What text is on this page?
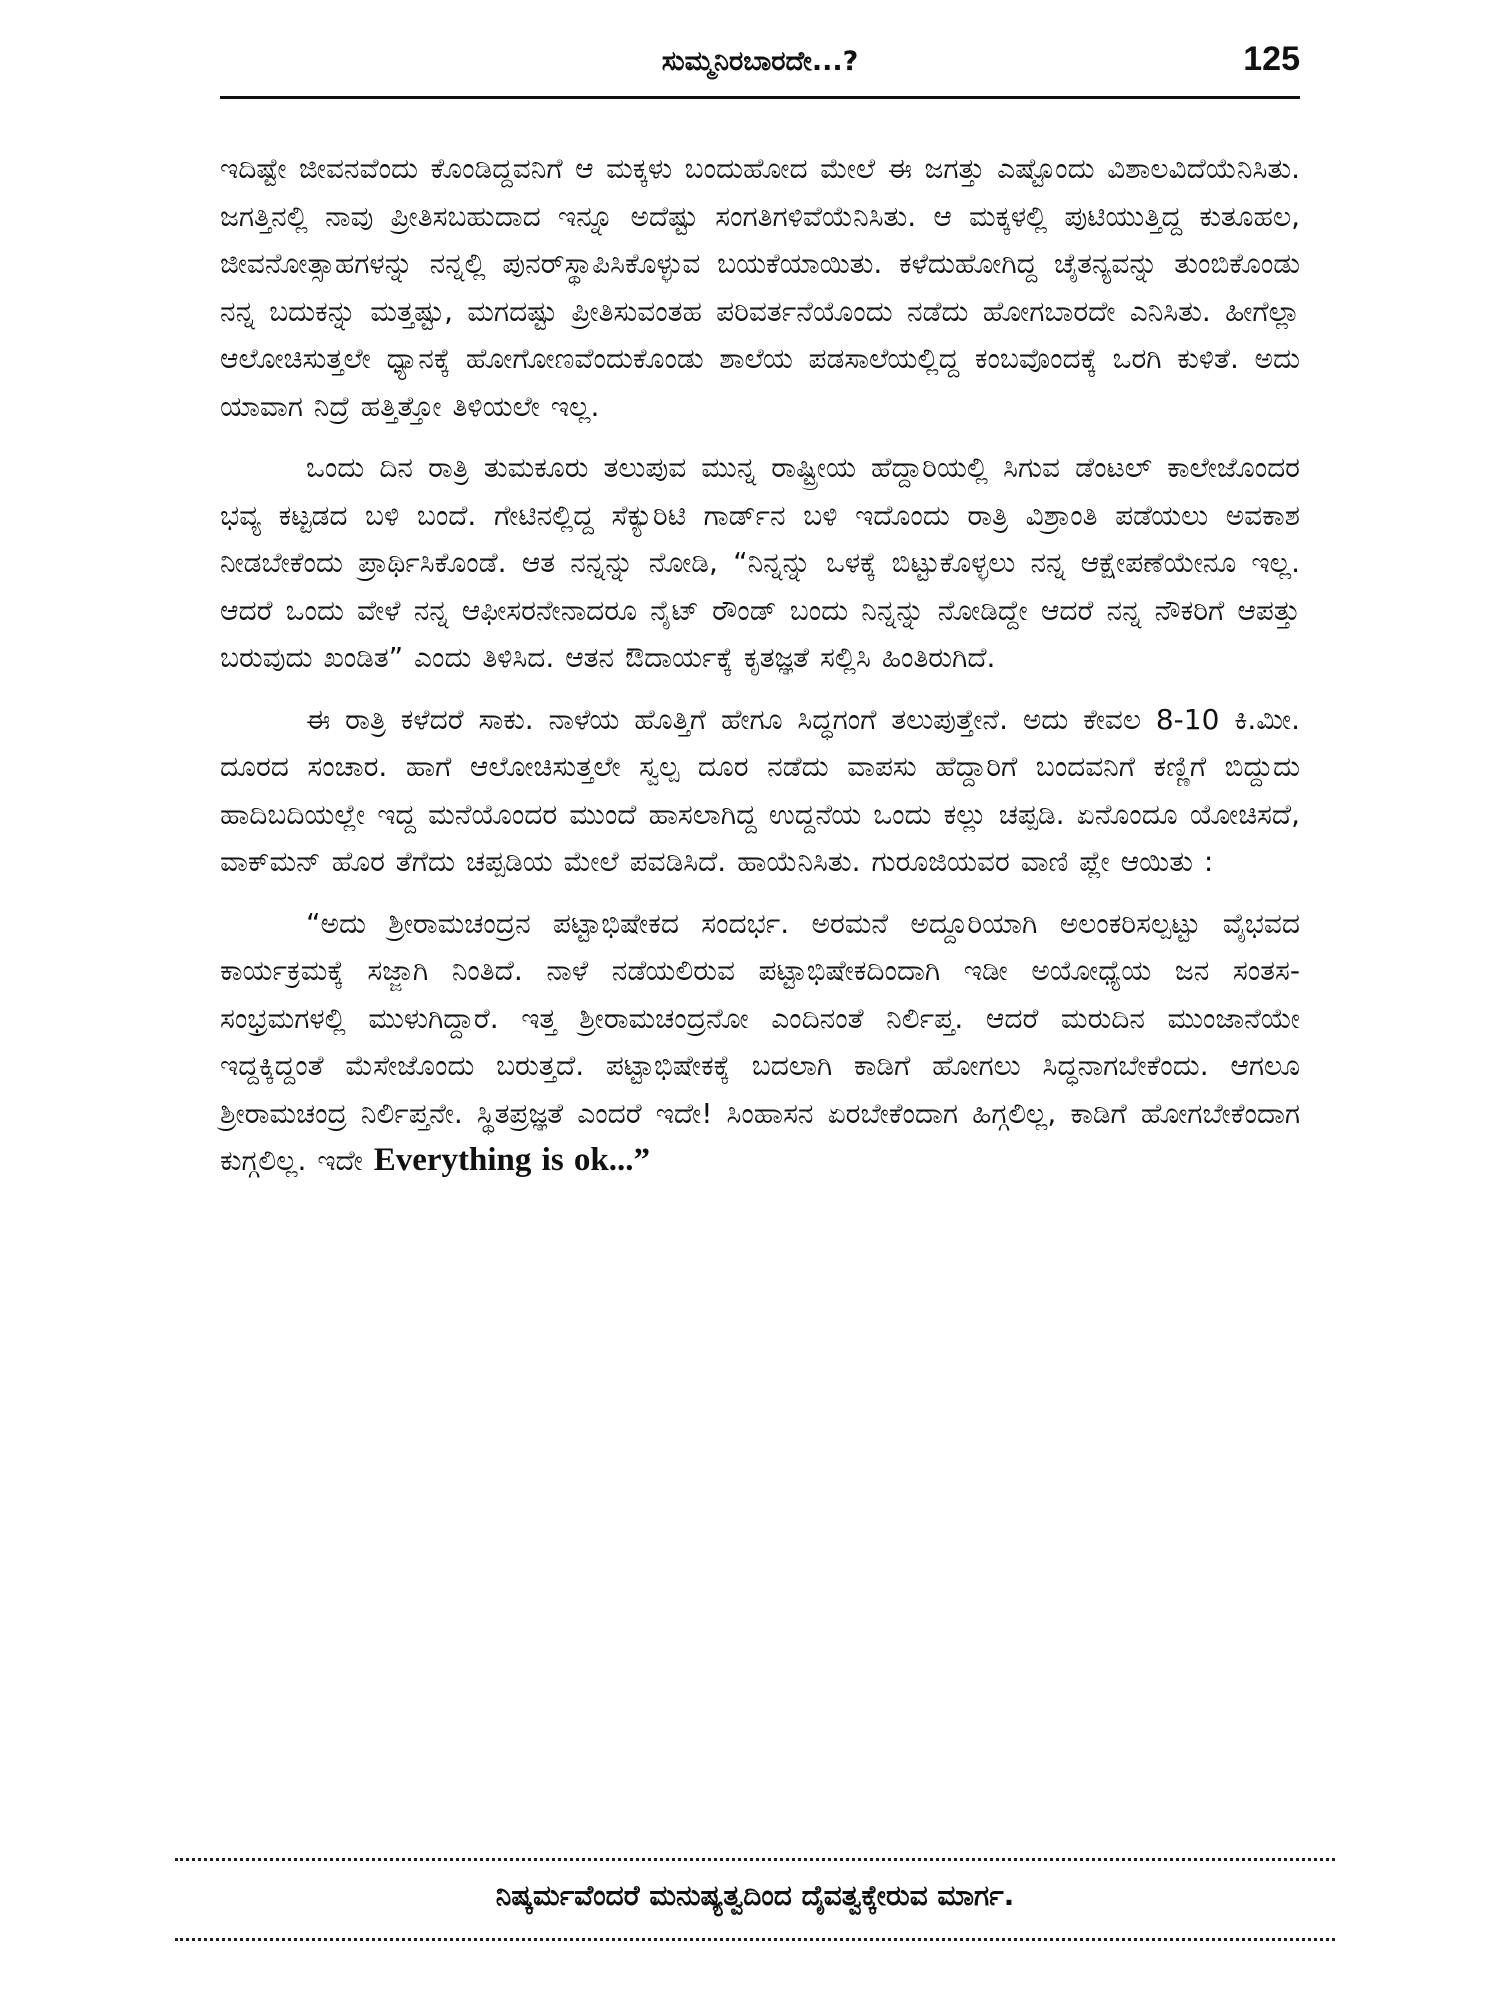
ಸುಮ್ಮನಿರಬಾರದೇ...?	125

ಇದಿಷ್ಟೇ ಜೀವನವೆಂದು ಕೊಂಡಿದ್ದವನಿಗೆ ಆ ಮಕ್ಕಳು ಬಂದುಹೋದ ಮೇಲೆ ಈ ಜಗತ್ತು ಎಷ್ಟೊಂದು ವಿಶಾಲವಿದೆಯೆನಿಸಿತು. ಜಗತ್ತಿನಲ್ಲಿ ನಾವು ಪ್ರೀತಿಸಬಹುದಾದ ಇನ್ನೂ ಅದೆಷ್ಟು ಸಂಗತಿಗಳಿವೆಯೆನಿಸಿತು. ಆ ಮಕ್ಕಳಲ್ಲಿ ಪುಟಿಯುತ್ತಿದ್ದ ಕುತೂಹಲ, ಜೀವನೋತ್ಸಾಹಗಳನ್ನು ನನ್ನಲ್ಲಿ ಪುನರ್‌ಸ್ಥಾಪಿಸಿಕೊಳ್ಳುವ ಬಯಕೆಯಾಯಿತು. ಕಳೆದುಹೋಗಿದ್ದ ಚೈತನ್ಯವನ್ನು ತುಂಬಿಕೊಂಡು ನನ್ನ ಬದುಕನ್ನು ಮತ್ತಷ್ಟು, ಮಗದಷ್ಟು ಪ್ರೀತಿಸುವಂತಹ ಪರಿವರ್ತನೆಯೊಂದು ನಡೆದು ಹೋಗಬಾರದೇ ಎನಿಸಿತು. ಹೀಗೆಲ್ಲಾ ಆಲೋಚಿಸುತ್ತಲೇ ಧ್ಯಾನಕ್ಕೆ ಹೋಗೋಣವೆಂದುಕೊಂಡು ಶಾಲೆಯ ಪಡಸಾಲೆಯಲ್ಲಿದ್ದ ಕಂಬವೊಂದಕ್ಕೆ ಒರಗಿ ಕುಳಿತೆ. ಅದು ಯಾವಾಗ ನಿದ್ರೆ ಹತ್ತಿತ್ತೋ ತಿಳಿಯಲೇ ಇಲ್ಲ.

ಒಂದು ದಿನ ರಾತ್ರಿ ತುಮಕೂರು ತಲುಪುವ ಮುನ್ನ ರಾಷ್ಟ್ರೀಯ ಹೆದ್ದಾರಿಯಲ್ಲಿ ಸಿಗುವ ಡೆಂಟಲ್ ಕಾಲೇಜೊಂದರ ಭವ್ಯ ಕಟ್ಟಡದ ಬಳಿ ಬಂದೆ. ಗೇಟಿನಲ್ಲಿದ್ದ ಸೆಕ್ಯುರಿಟಿ ಗಾರ್ಡ್‌ನ ಬಳಿ ಇದೊಂದು ರಾತ್ರಿ ವಿಶ್ರಾಂತಿ ಪಡೆಯಲು ಅವಕಾಶ ನೀಡಬೇಕೆಂದು ಪ್ರಾರ್ಥಿಸಿಕೊಂಡೆ. ಆತ ನನ್ನನ್ನು ನೋಡಿ, “ನಿನ್ನನ್ನು ಒಳಕ್ಕೆ ಬಿಟ್ಟುಕೊಳ್ಳಲು ನನ್ನ ಆಕ್ಷೇಪಣೆಯೇನೂ ಇಲ್ಲ. ಆದರೆ ಒಂದು ವೇಳೆ ನನ್ನ ಆಫೀಸರನೇನಾದರೂ ನೈಟ್ ರೌಂಡ್ ಬಂದು ನಿನ್ನನ್ನು ನೋಡಿದ್ದೇ ಆದರೆ ನನ್ನ ನೌಕರಿಗೆ ಆಪತ್ತು ಬರುವುದು ಖಂಡಿತ” ಎಂದು ತಿಳಿಸಿದ. ಆತನ ಔದಾರ್ಯಕ್ಕೆ ಕೃತಜ್ಞತೆ ಸಲ್ಲಿಸಿ ಹಿಂತಿರುಗಿದೆ.

ಈ ರಾತ್ರಿ ಕಳೆದರೆ ಸಾಕು. ನಾಳೆಯ ಹೊತ್ತಿಗೆ ಹೇಗೂ ಸಿದ್ಧಗಂಗೆ ತಲುಪುತ್ತೇನೆ. ಅದು ಕೇವಲ 8-10 ಕಿ.ಮೀ. ದೂರದ ಸಂಚಾರ. ಹಾಗೆ ಆಲೋಚಿಸುತ್ತಲೇ ಸ್ವಲ್ಪ ದೂರ ನಡೆದು ವಾಪಸು ಹೆದ್ದಾರಿಗೆ ಬಂದವನಿಗೆ ಕಣ್ಣಿಗೆ ಬಿದ್ದುದು ಹಾದಿಬದಿಯಲ್ಲೇ ಇದ್ದ ಮನೆಯೊಂದರ ಮುಂದೆ ಹಾಸಲಾಗಿದ್ದ ಉದ್ದನೆಯ ಒಂದು ಕಲ್ಲು ಚಪ್ಪಡಿ. ಏನೊಂದೂ ಯೋಚಿಸದೆ, ವಾಕ್‌ಮನ್ ಹೊರ ತೆಗೆದು ಚಪ್ಪಡಿಯ ಮೇಲೆ ಪವಡಿಸಿದೆ. ಹಾಯೆನಿಸಿತು. ಗುರೂಜಿಯವರ ವಾಣಿ ಪ್ಲೇ ಆಯಿತು :

“ಅದು ಶ್ರೀರಾಮಚಂದ್ರನ ಪಟ್ಟಾಭಿಷೇಕದ ಸಂದರ್ಭ. ಅರಮನೆ ಅದ್ದೂರಿಯಾಗಿ ಅಲಂಕರಿಸಲ್ಪಟ್ಟು ವೈಭವದ ಕಾರ್ಯಕ್ರಮಕ್ಕೆ ಸಜ್ಜಾಗಿ ನಿಂತಿದೆ. ನಾಳೆ ನಡೆಯಲಿರುವ ಪಟ್ಟಾಭಿಷೇಕದಿಂದಾಗಿ ಇಡೀ ಅಯೋಧ್ಯೆಯ ಜನ ಸಂತಸ-ಸಂಭ್ರಮಗಳಲ್ಲಿ ಮುಳುಗಿದ್ದಾರೆ. ಇತ್ತ ಶ್ರೀರಾಮಚಂದ್ರನೋ ಎಂದಿನಂತೆ ನಿರ್ಲಿಪ್ತ. ಆದರೆ ಮರುದಿನ ಮುಂಜಾನೆಯೇ ಇದ್ದಕ್ಕಿದ್ದಂತೆ ಮೆಸೇಜೊಂದು ಬರುತ್ತದೆ. ಪಟ್ಟಾಭಿಷೇಕಕ್ಕೆ ಬದಲಾಗಿ ಕಾಡಿಗೆ ಹೋಗಲು ಸಿದ್ಧನಾಗಬೇಕೆಂದು. ಆಗಲೂ ಶ್ರೀರಾಮಚಂದ್ರ ನಿರ್ಲಿಪ್ತನೇ. ಸ್ಥಿತಪ್ರಜ್ಞತೆ ಎಂದರೆ ಇದೇ! ಸಿಂಹಾಸನ ಏರಬೇಕೆಂದಾಗ ಹಿಗ್ಗಲಿಲ್ಲ, ಕಾಡಿಗೆ ಹೋಗಬೇಕೆಂದಾಗ ಕುಗ್ಗಲಿಲ್ಲ. ಇದೇ Everything is ok...”

ನಿಷ್ಕರ್ಮವೆಂದರೆ ಮನುಷ್ಯತ್ವದಿಂದ ದೈವತ್ವಕ್ಕೇರುವ ಮಾರ್ಗ.
